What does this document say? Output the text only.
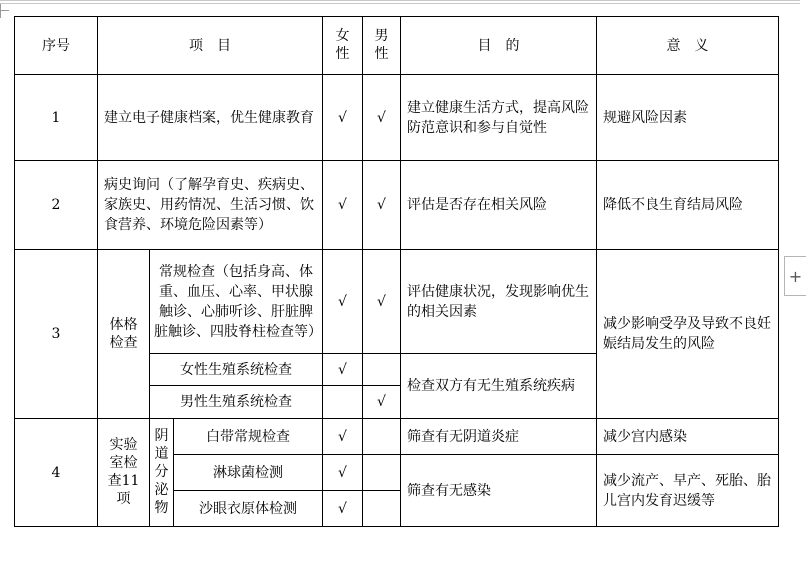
序号	项　目			女性	男性	目　的	意　义
1	建立电子健康档案，优生健康教育			√	√	建立健康生活方式，提高风险防范意识和参与自觉性	规避风险因素
2	病史询问（了解孕育史、疾病史、家族史、用药情况、生活习惯、饮食营养、环境危险因素等）			√	√	评估是否存在相关风险	降低不良生育结局风险
3	体格检查	常规检查（包括身高、体重、血压、心率、甲状腺触诊、心肺听诊、肝脏脾脏触诊、四肢脊柱检查等）		√	√	评估健康状况，发现影响优生的相关因素	减少影响受孕及导致不良妊娠结局发生的风险
		女性生殖系统检查		√		检查双方有无生殖系统疾病	
		男性生殖系统检查			√		
4	实验室检查11项	阴道分泌物	白带常规检查	√		筛查有无阴道炎症	减少宫内感染
			淋球菌检测	√		筛查有无感染	减少流产、早产、死胎、胎儿宫内发育迟缓等
			沙眼衣原体检测	√			
+
